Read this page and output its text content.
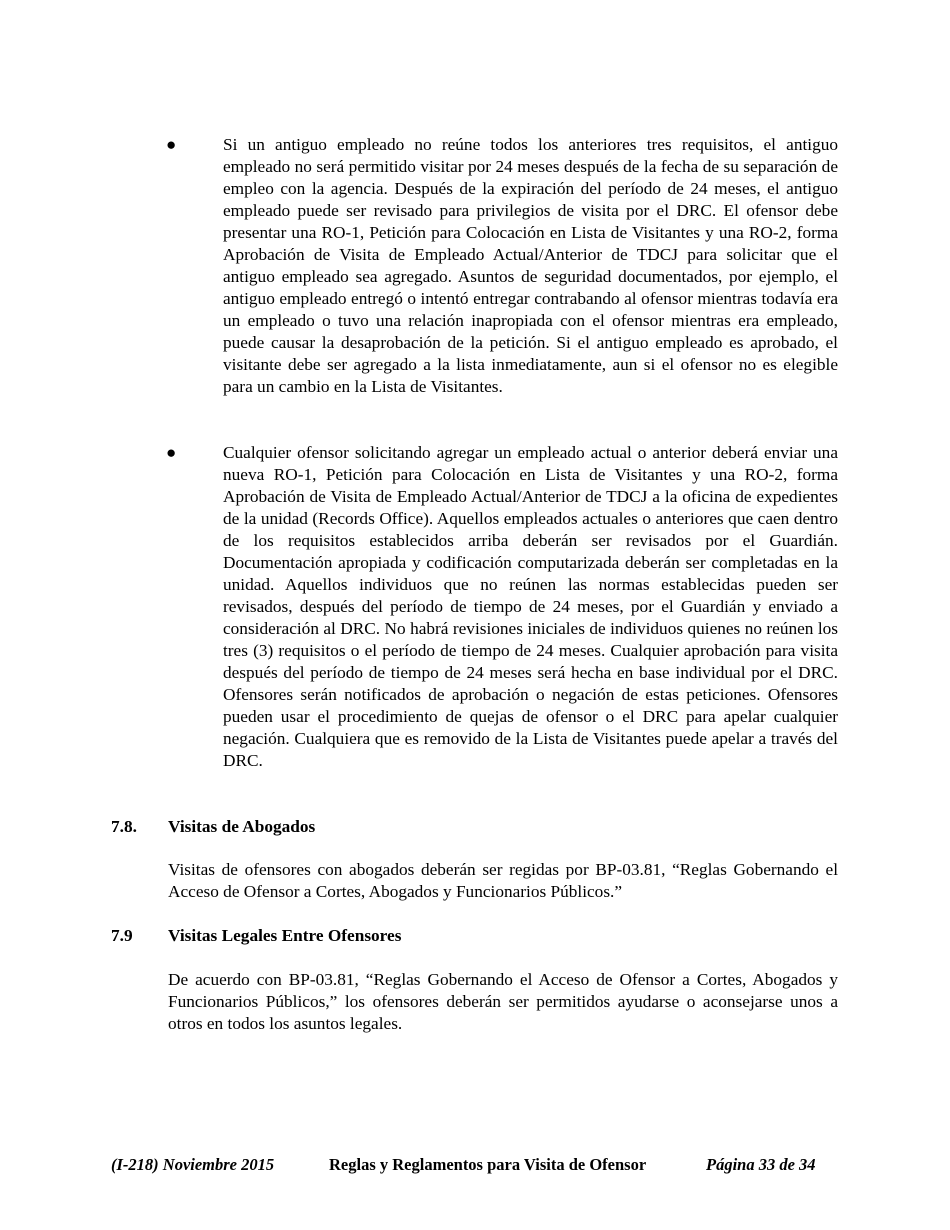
●	Si un antiguo empleado no reúne todos los anteriores tres requisitos, el antiguo empleado no será permitido visitar por 24 meses después de la fecha de su separación de empleo con la agencia. Después de la expiración del período de 24 meses, el antiguo empleado puede ser revisado para privilegios de visita por el DRC. El ofensor debe presentar una RO-1, Petición para Colocación en Lista de Visitantes y una RO-2, forma Aprobación de Visita de Empleado Actual/Anterior de TDCJ para solicitar que el antiguo empleado sea agregado. Asuntos de seguridad documentados, por ejemplo, el antiguo empleado entregó o intentó entregar contrabando al ofensor mientras todavía era un empleado o tuvo una relación inapropiada con el ofensor mientras era empleado, puede causar la desaprobación de la petición. Si el antiguo empleado es aprobado, el visitante debe ser agregado a la lista inmediatamente, aun si el ofensor no es elegible para un cambio en la Lista de Visitantes.
●	Cualquier ofensor solicitando agregar un empleado actual o anterior deberá enviar una nueva RO-1, Petición para Colocación en Lista de Visitantes y una RO-2, forma Aprobación de Visita de Empleado Actual/Anterior de TDCJ a la oficina de expedientes de la unidad (Records Office). Aquellos empleados actuales o anteriores que caen dentro de los requisitos establecidos arriba deberán ser revisados por el Guardián. Documentación apropiada y codificación computarizada deberán ser completadas en la unidad. Aquellos individuos que no reúnen las normas establecidas pueden ser revisados, después del período de tiempo de 24 meses, por el Guardián y enviado a consideración al DRC. No habrá revisiones iniciales de individuos quienes no reúnen los tres (3) requisitos o el período de tiempo de 24 meses. Cualquier aprobación para visita después del período de tiempo de 24 meses será hecha en base individual por el DRC. Ofensores serán notificados de aprobación o negación de estas peticiones. Ofensores pueden usar el procedimiento de quejas de ofensor o el DRC para apelar cualquier negación. Cualquiera que es removido de la Lista de Visitantes puede apelar a través del DRC.
7.8. Visitas de Abogados
Visitas de ofensores con abogados deberán ser regidas por BP-03.81, “Reglas Gobernando el Acceso de Ofensor a Cortes, Abogados y Funcionarios Públicos.”
7.9 Visitas Legales Entre Ofensores
De acuerdo con BP-03.81, “Reglas Gobernando el Acceso de Ofensor a Cortes, Abogados y Funcionarios Públicos,” los ofensores deberán ser permitidos ayudarse o aconsejarse unos a otros en todos los asuntos legales.
(I-218) Noviembre 2015	Reglas y Reglamentos para Visita de Ofensor	Página 33 de 34
